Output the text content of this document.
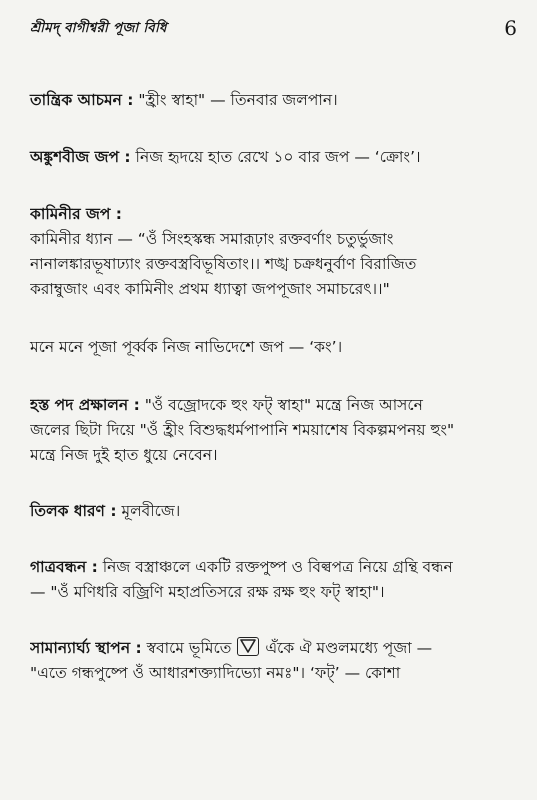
শ্রীমদ্ বাগীশ্বরী পূজা বিধি	6

তান্ত্রিক আচমন : "হ্রীং স্বাহা" — তিনবার জলপান।

অঙ্কুশবীজ জপ : নিজ হৃদয়ে হাত রেখে ১০ বার জপ — ‘ক্রোং’।

কামিনীর জপ :
কামিনীর ধ্যান — “ওঁ সিংহস্কন্ধ সমারূঢ়াং রক্তবর্ণাং চতুর্ভুজাং
নানালঙ্কারভূষাঢ্যাং রক্তবস্ত্রবিভূষিতাং।। শঙ্খ চক্রধনুর্বাণ বিরাজিত
করাম্বুজাং এবং কামিনীং প্রথম ধ্যাত্বা জপপূজাং সমাচরেৎ।।"

মনে মনে পূজা পূর্ব্বক নিজ নাভিদেশে জপ — ‘কং’।

হস্ত পদ প্রক্ষালন : "ওঁ বজ্রোদকে হুং ফট্ স্বাহা" মন্ত্রে নিজ আসনে
জলের ছিটা দিয়ে "ওঁ হ্রীং বিশুদ্ধধর্মপাপানি শময়াশেষ বিকল্পমপনয় হুং"
মন্ত্রে নিজ দুই হাত ধুয়ে নেবেন।

তিলক ধারণ : মূলবীজে।

গাত্রবন্ধন : নিজ বস্ত্রাঞ্চলে একটি রক্তপুষ্প ও বিল্বপত্র নিয়ে গ্রন্থি বন্ধন
— "ওঁ মণিধরি বজ্রিণি মহাপ্রতিসরে রক্ষ রক্ষ হুং ফট্ স্বাহা"।
সামান্যার্ঘ্য স্থাপন : স্ববামে ভূমিতে এঁকে ঐ মণ্ডলমধ্যে পূজা —
"এতে গন্ধপুষ্পে ওঁ আধারশক্ত্যাদিভ্যো নমঃ"। ‘ফট্’ — কোশা
